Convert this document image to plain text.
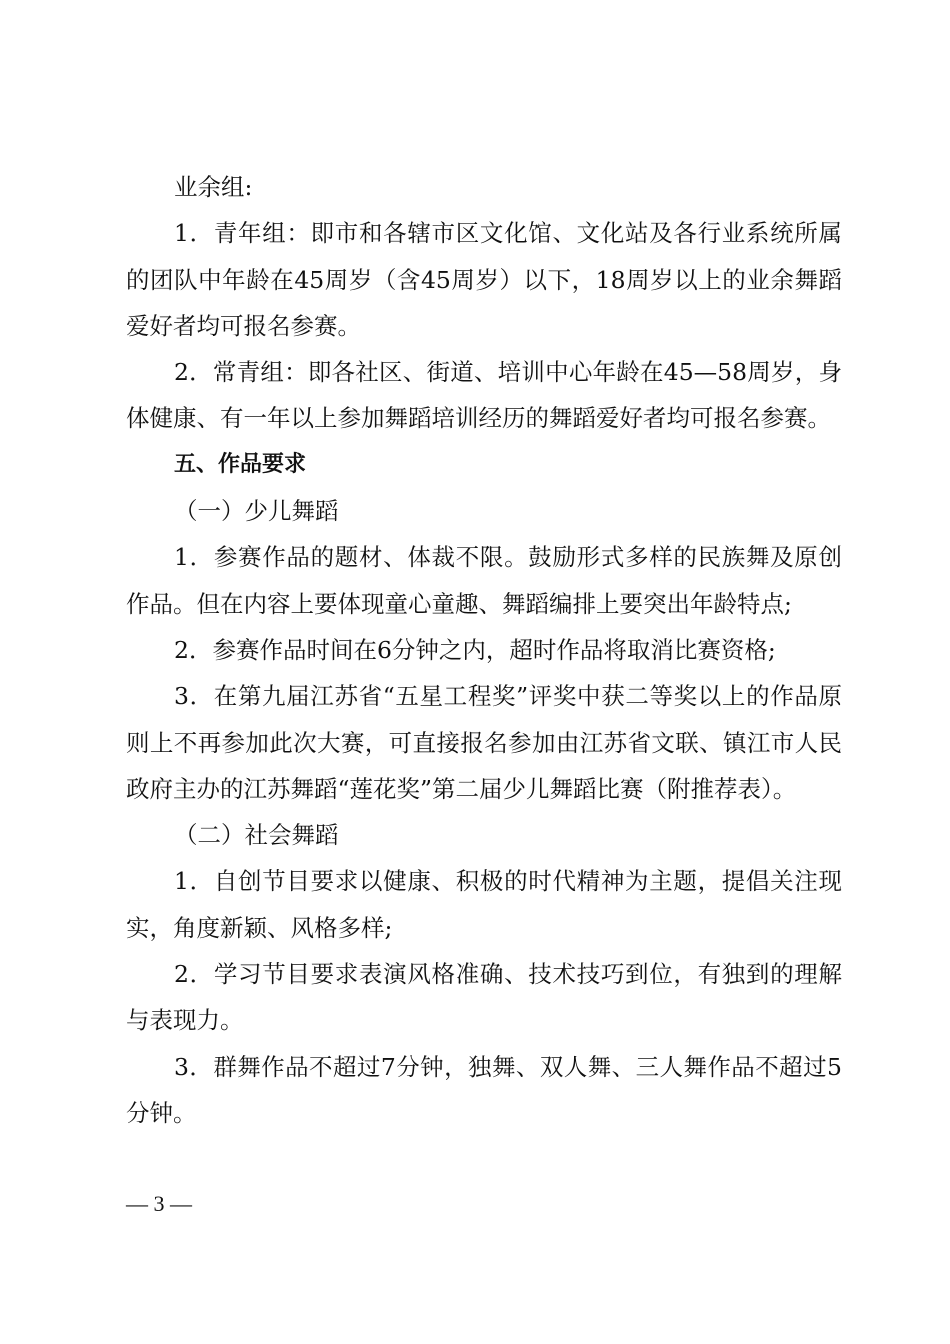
业余组:

1．青年组：即市和各辖市区文化馆、文化站及各行业系统所属的团队中年龄在45周岁（含45周岁）以下，18周岁以上的业余舞蹈爱好者均可报名参赛。

2．常青组：即各社区、街道、培训中心年龄在45—58周岁，身体健康、有一年以上参加舞蹈培训经历的舞蹈爱好者均可报名参赛。

五、作品要求

（一）少儿舞蹈

1．参赛作品的题材、体裁不限。鼓励形式多样的民族舞及原创作品。但在内容上要体现童心童趣、舞蹈编排上要突出年龄特点;

2．参赛作品时间在6分钟之内，超时作品将取消比赛资格;

3．在第九届江苏省“五星工程奖”评奖中获二等奖以上的作品原则上不再参加此次大赛，可直接报名参加由江苏省文联、镇江市人民政府主办的江苏舞蹈“莲花奖”第二届少儿舞蹈比赛（附推荐表）。

（二）社会舞蹈

1．自创节目要求以健康、积极的时代精神为主题，提倡关注现实，角度新颖、风格多样;

2．学习节目要求表演风格准确、技术技巧到位，有独到的理解与表现力。

3．群舞作品不超过7分钟，独舞、双人舞、三人舞作品不超过5分钟。

— 3 —
